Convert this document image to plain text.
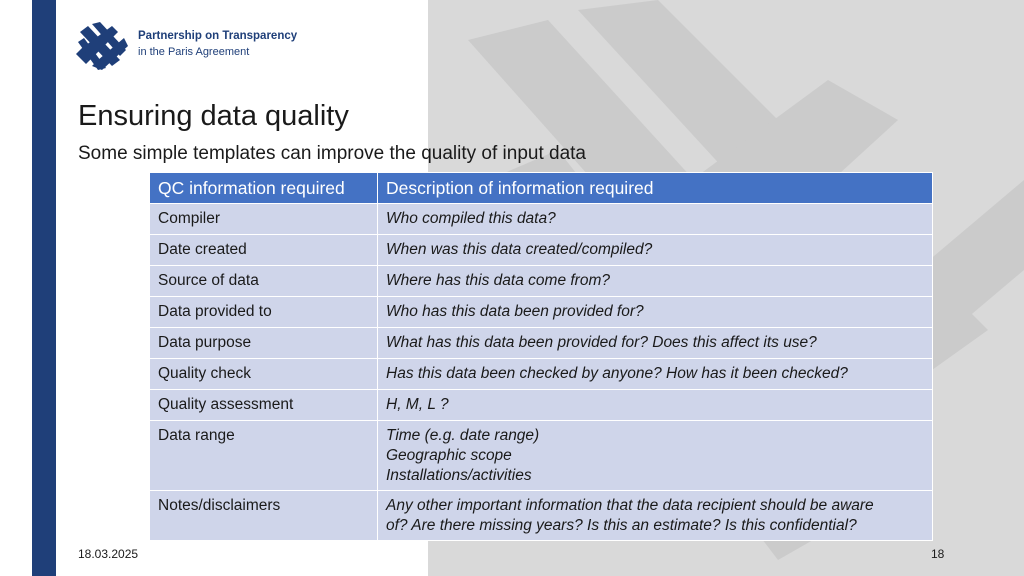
Partnership on Transparency
in the Paris Agreement
Ensuring data quality
Some simple templates can improve the quality of input data
QC information required	Description of information required
Compiler	Who compiled this data?
Date created	When was this data created/compiled?
Source of data	Where has this data come from?
Data provided to	Who has this data been provided for?
Data purpose	What has this data been provided for? Does this affect its use?
Quality check	Has this data been checked by anyone? How has it been checked?
Quality assessment	H, M, L ?
Data range	Time (e.g. date range)
Geographic scope
Installations/activities

Notes/disclaimers	Any other important information that the data recipient should be aware
of? Are there missing years? Is this an estimate? Is this confidential?
18.03.2025	18
